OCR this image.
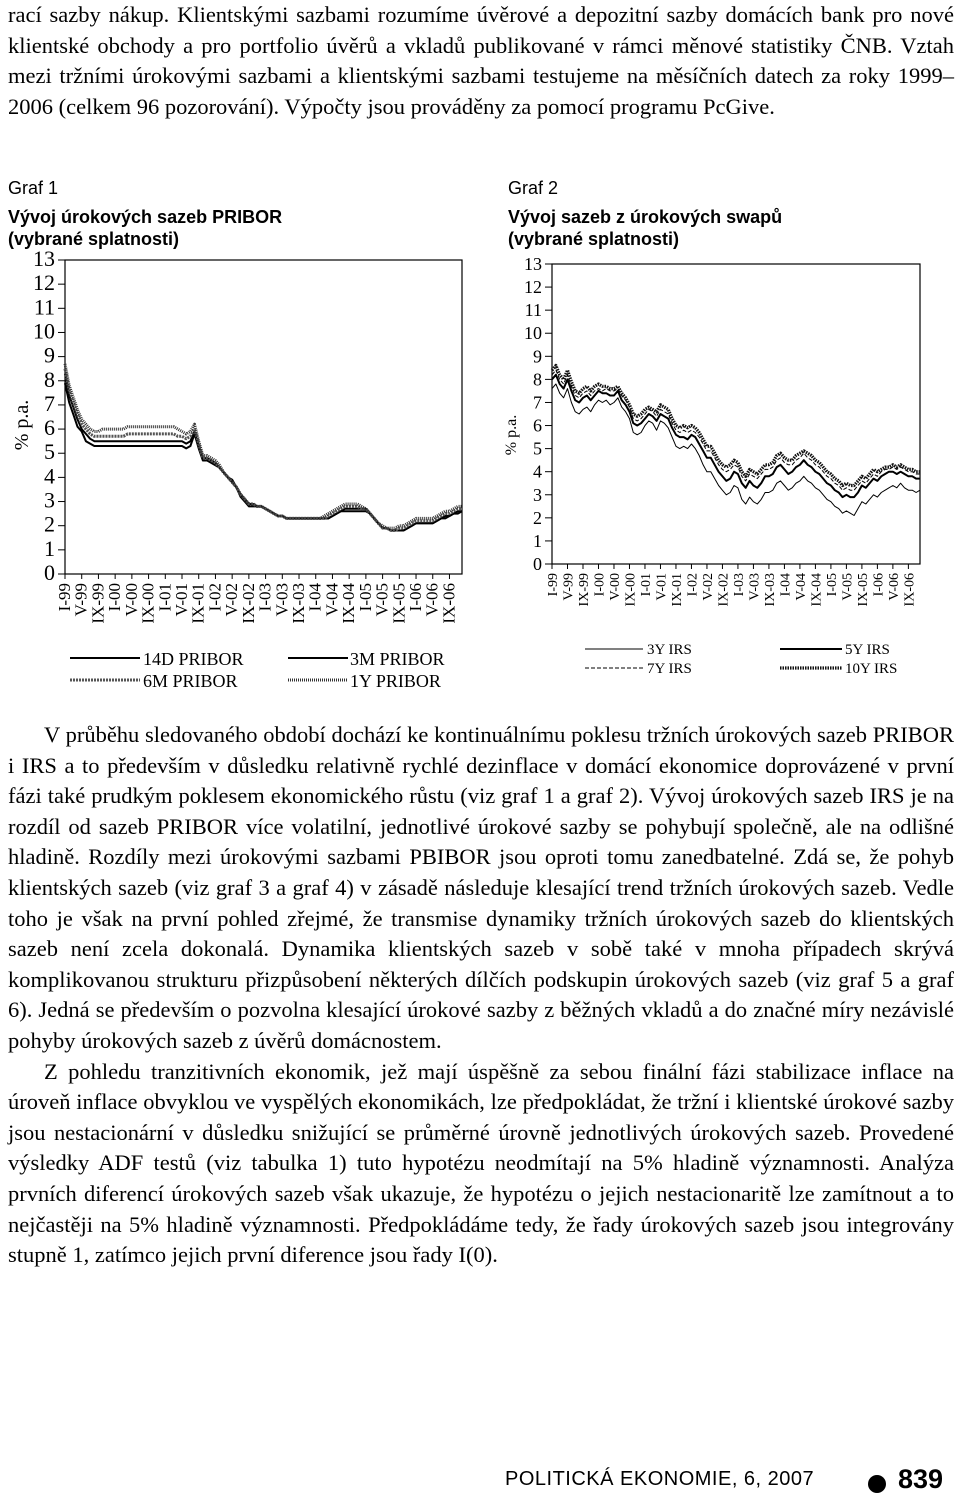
rací sazby nákup. Klientskými sazbami rozumíme úvěrové a depozitní sazby domácích bank pro nové klientské obchody a pro portfolio úvěrů a vkladů publikované v rámci měnové statistiky ČNB. Vztah mezi tržními úrokovými sazbami a klientskými sazbami testujeme na měsíčních datech za roky 1999–2006 (celkem 96 pozorování). Výpočty jsou prováděny za pomocí programu PcGive.

Graf 1
Vývoj úrokových sazeb PRIBOR
(vybrané splatnosti)
Graf 2
Vývoj sazeb z úrokových swapů
(vybrané splatnosti)
0
1
2
3
4
5
6
7
8
9
10
11
12
13
% p.a.
I-99
V-99
IX-99
I-00
V-00
IX-00
I-01
V-01
IX-01
I-02
V-02
IX-02
I-03
V-03
IX-03
I-04
V-04
IX-04
I-05
V-05
IX-05
I-06
V-06
IX-06
14D PRIBOR	3M PRIBOR
6M PRIBOR	1Y PRIBOR
0
1
2
3
4
5
6
7
8
9
10
11
12
13
% p.a.
I-99 V-99 IX-99 I-00 V-00 IX-00 I-01 V-01 IX-01 I-02 V-02 IX-02 I-03 V-03 IX-03 I-04 V-04 IX-04 I-05 V-05 IX-05 I-06 V-06 IX-06
3Y IRS	5Y IRS
7Y IRS	10Y IRS

V průběhu sledovaného období dochází ke kontinuálnímu poklesu tržních úrokových sazeb PRIBOR i IRS a to především v důsledku relativně rychlé dezinflace v domácí ekonomice doprovázené v první fázi také prudkým poklesem ekonomického růstu (viz graf 1 a graf 2). Vývoj úrokových sazeb IRS je na rozdíl od sazeb PRIBOR více volatilní, jednotlivé úrokové sazby se pohybují společně, ale na odlišné hladině. Rozdíly mezi úrokovými sazbami PBIBOR jsou oproti tomu zanedbatelné. Zdá se, že pohyb klientských sazeb (viz graf 3 a graf 4) v zásadě následuje klesající trend tržních úrokových sazeb. Vedle toho je však na první pohled zřejmé, že transmise dynamiky tržních úrokových sazeb do klientských sazeb není zcela dokonalá. Dynamika klientských sazeb v sobě také v mnoha případech skrývá komplikovanou strukturu přizpůsobení některých dílčích podskupin úrokových sazeb (viz graf 5 a graf 6). Jedná se především o pozvolna klesající úrokové sazby z běžných vkladů a do značné míry nezávislé pohyby úrokových sazeb z úvěrů domácnostem.

Z pohledu tranzitivních ekonomik, jež mají úspěšně za sebou finální fázi stabilizace inflace na úroveň inflace obvyklou ve vyspělých ekonomikách, lze předpokládat, že tržní i klientské úrokové sazby jsou nestacionární v důsledku snižující se průměrné úrovně jednotlivých úrokových sazeb. Provedené výsledky ADF testů (viz tabulka 1) tuto hypotézu neodmítají na 5% hladině významnosti. Analýza prvních diferencí úrokových sazeb však ukazuje, že hypotézu o jejich nestacionaritě lze zamítnout a to nejčastěji na 5% hladině významnosti. Předpokládáme tedy, že řady úrokových sazeb jsou integrovány stupně 1, zatímco jejich první diference jsou řady I(0).

POLITICKÁ EKONOMIE, 6, 2007	839
